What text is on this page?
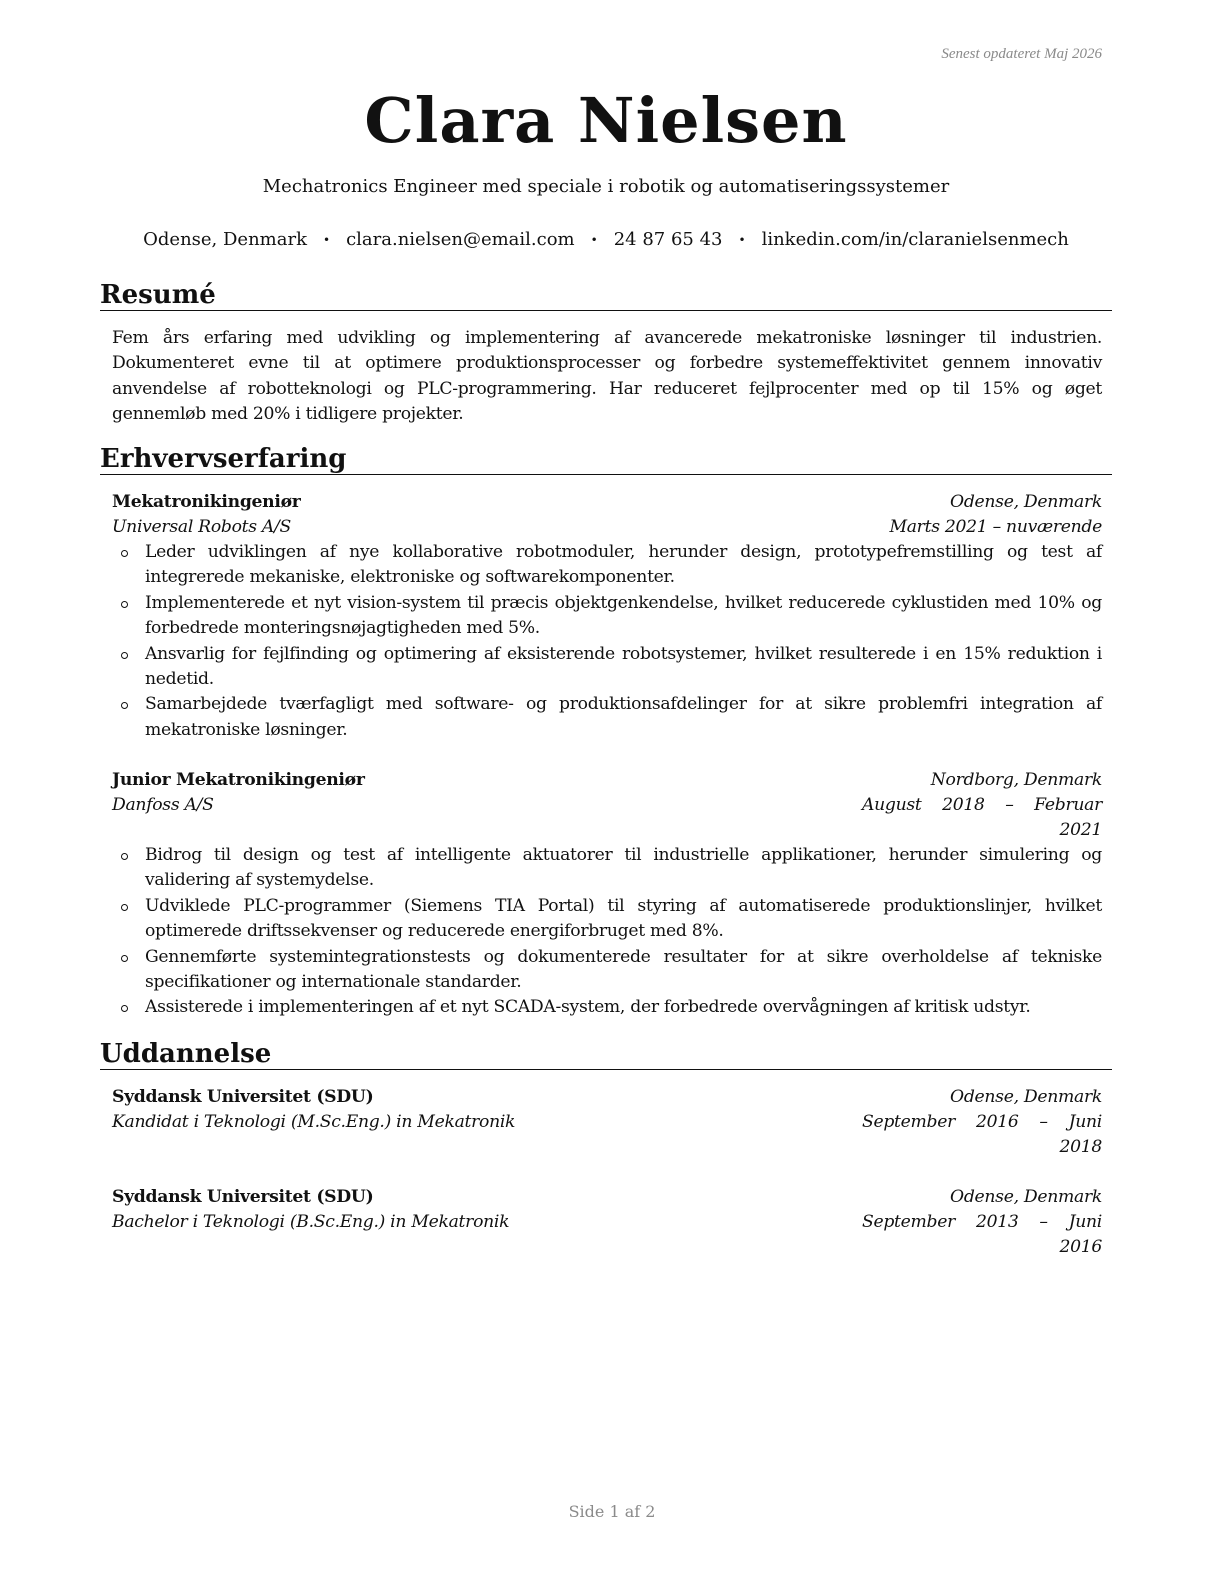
Senest opdateret Maj 2026
Clara Nielsen
Mechatronics Engineer med speciale i robotik og automatiseringssystemer
Odense, Denmark • clara.nielsen@email.com • 24 87 65 43 • linkedin.com/in/claranielsenmech
Resumé
Fem års erfaring med udvikling og implementering af avancerede mekatroniske løsninger til industrien. Dokumenteret evne til at optimere produktionsprocesser og forbedre systemeffektivitet gennem innovativ anvendelse af robotteknologi og PLC-programmering. Har reduceret fejlprocenter med op til 15% og øget gennemløb med 20% i tidligere projekter.
Erhvervserfaring
Mekatronikingeniør	Odense, Denmark
Universal Robots A/S	Marts 2021 – nuværende
Leder udviklingen af nye kollaborative robotmoduler, herunder design, prototypefremstilling og test af integrerede mekaniske, elektroniske og softwarekomponenter.
Implementerede et nyt vision-system til præcis objektgenkendelse, hvilket reducerede cyklustiden med 10% og forbedrede monteringsnøjagtigheden med 5%.
Ansvarlig for fejlfinding og optimering af eksisterende robotsystemer, hvilket resulterede i en 15% reduktion i nedetid.
Samarbejdede tværfagligt med software- og produktionsafdelinger for at sikre problemfri integration af mekatroniske løsninger.
Junior Mekatronikingeniør	Nordborg, Denmark
Danfoss A/S	August 2018 – Februar 2021
Bidrog til design og test af intelligente aktuatorer til industrielle applikationer, herunder simulering og validering af systemydelse.
Udviklede PLC-programmer (Siemens TIA Portal) til styring af automatiserede produktionslinjer, hvilket optimerede driftssekvenser og reducerede energiforbruget med 8%.
Gennemførte systemintegrationstests og dokumenterede resultater for at sikre overholdelse af tekniske specifikationer og internationale standarder.
Assisterede i implementeringen af et nyt SCADA-system, der forbedrede overvågningen af kritisk udstyr.
Uddannelse
Syddansk Universitet (SDU)	Odense, Denmark
Kandidat i Teknologi (M.Sc.Eng.) in Mekatronik	September 2016 – Juni 2018
Syddansk Universitet (SDU)	Odense, Denmark
Bachelor i Teknologi (B.Sc.Eng.) in Mekatronik	September 2013 – Juni 2016
Side 1 af 2
